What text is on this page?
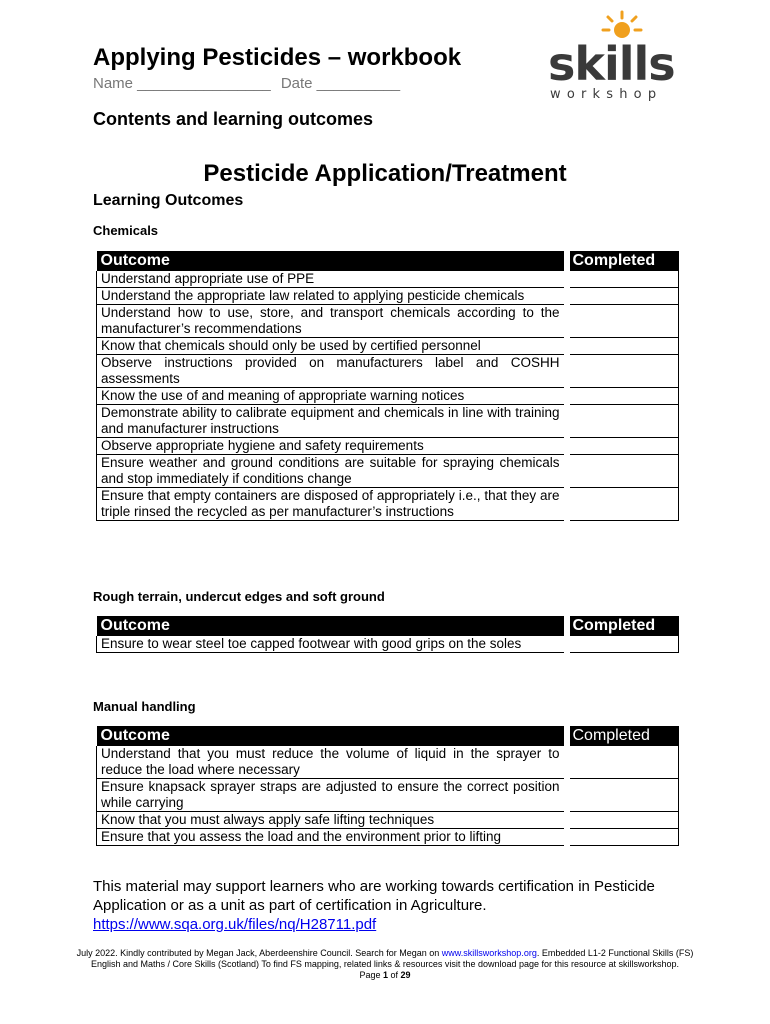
Applying Pesticides – workbook
Name ________________ Date __________	skills
workshop
Contents and learning outcomes
Pesticide Application/Treatment
Learning Outcomes
Chemicals
Outcome	Completed
Understand appropriate use of PPE	
Understand the appropriate law related to applying pesticide chemicals	
Understand how to use, store, and transport chemicals according to the manufacturer’s recommendations	
Know that chemicals should only be used by certified personnel	
Observe instructions provided on manufacturers label and COSHH assessments	
Know the use of and meaning of appropriate warning notices	
Demonstrate ability to calibrate equipment and chemicals in line with training and manufacturer instructions	
Observe appropriate hygiene and safety requirements	
Ensure weather and ground conditions are suitable for spraying chemicals and stop immediately if conditions change	
Ensure that empty containers are disposed of appropriately i.e., that they are triple rinsed the recycled as per manufacturer’s instructions	
Rough terrain, undercut edges and soft ground
Outcome	Completed
Ensure to wear steel toe capped footwear with good grips on the soles	
Manual handling
Outcome	Completed
Understand that you must reduce the volume of liquid in the sprayer to reduce the load where necessary	
Ensure knapsack sprayer straps are adjusted to ensure the correct position while carrying	
Know that you must always apply safe lifting techniques	
Ensure that you assess the load and the environment prior to lifting	
This material may support learners who are working towards certification in Pesticide Application or as a unit as part of certification in Agriculture.
https://www.sqa.org.uk/files/nq/H28711.pdf
July 2022. Kindly contributed by Megan Jack, Aberdeenshire Council. Search for Megan on www.skillsworkshop.org. Embedded L1-2 Functional Skills (FS)
English and Maths / Core Skills (Scotland) To find FS mapping, related links & resources visit the download page for this resource at skillsworkshop.
Page 1 of 29
